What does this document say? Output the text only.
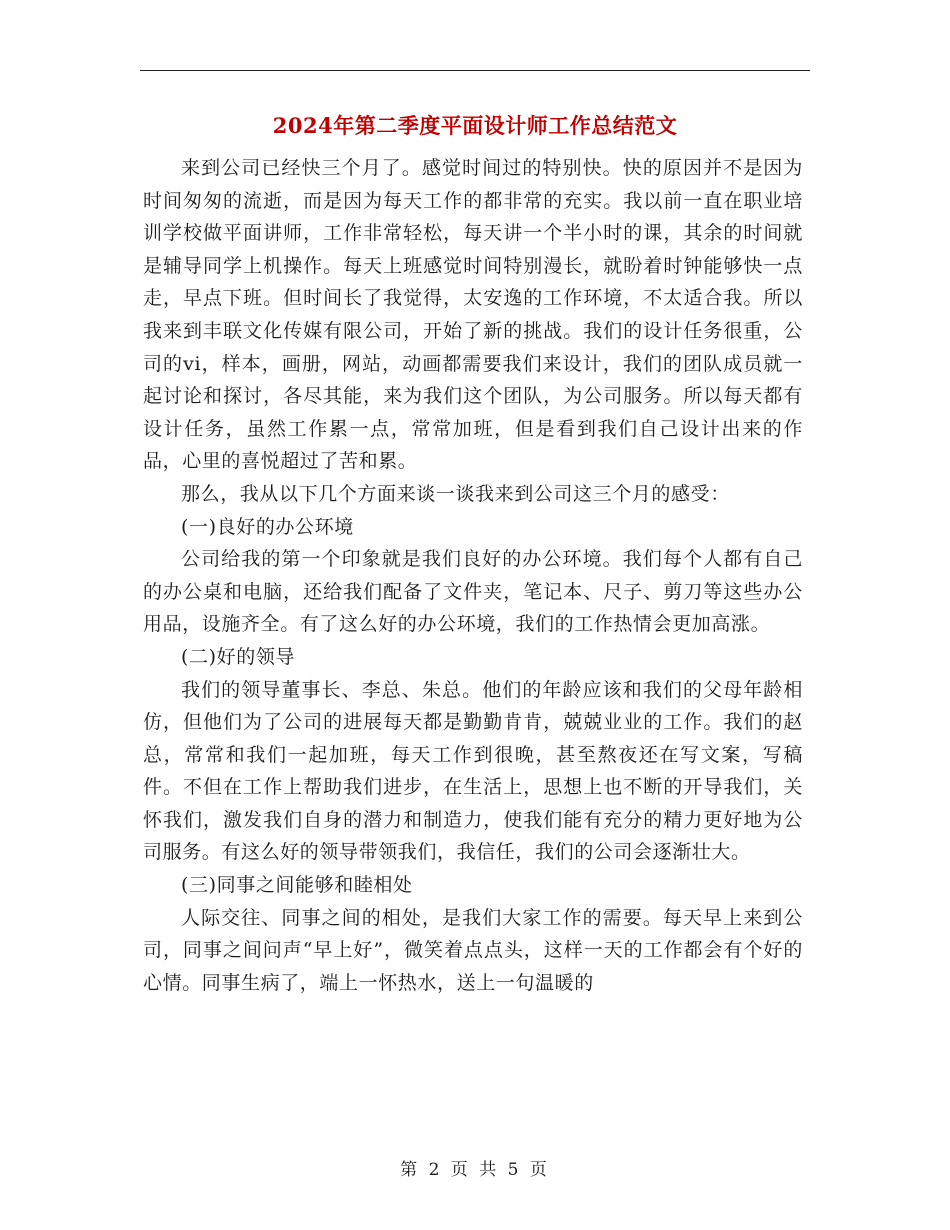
2024年第二季度平面设计师工作总结范文
来到公司已经快三个月了。感觉时间过的特别快。快的原因并不是因为时间匆匆的流逝，而是因为每天工作的都非常的充实。我以前一直在职业培训学校做平面讲师，工作非常轻松，每天讲一个半小时的课，其余的时间就是辅导同学上机操作。每天上班感觉时间特别漫长，就盼着时钟能够快一点走，早点下班。但时间长了我觉得，太安逸的工作环境，不太适合我。所以我来到丰联文化传媒有限公司，开始了新的挑战。我们的设计任务很重，公司的vi，样本，画册，网站，动画都需要我们来设计，我们的团队成员就一起讨论和探讨，各尽其能，来为我们这个团队，为公司服务。所以每天都有设计任务，虽然工作累一点，常常加班，但是看到我们自己设计出来的作品，心里的喜悦超过了苦和累。
那么，我从以下几个方面来谈一谈我来到公司这三个月的感受：
(一)良好的办公环境
公司给我的第一个印象就是我们良好的办公环境。我们每个人都有自己的办公桌和电脑，还给我们配备了文件夹，笔记本、尺子、剪刀等这些办公用品，设施齐全。有了这么好的办公环境，我们的工作热情会更加高涨。
(二)好的领导
我们的领导董事长、李总、朱总。他们的年龄应该和我们的父母年龄相仿，但他们为了公司的进展每天都是勤勤肯肯，兢兢业业的工作。我们的赵总，常常和我们一起加班，每天工作到很晚，甚至熬夜还在写文案，写稿件。不但在工作上帮助我们进步，在生活上，思想上也不断的开导我们，关怀我们，激发我们自身的潜力和制造力，使我们能有充分的精力更好地为公司服务。有这么好的领导带领我们，我信任，我们的公司会逐渐壮大。
(三)同事之间能够和睦相处
人际交往、同事之间的相处，是我们大家工作的需要。每天早上来到公司，同事之间问声“早上好”，微笑着点点头，这样一天的工作都会有个好的心情。同事生病了，端上一怀热水，送上一句温暖的
第 2 页 共 5 页
